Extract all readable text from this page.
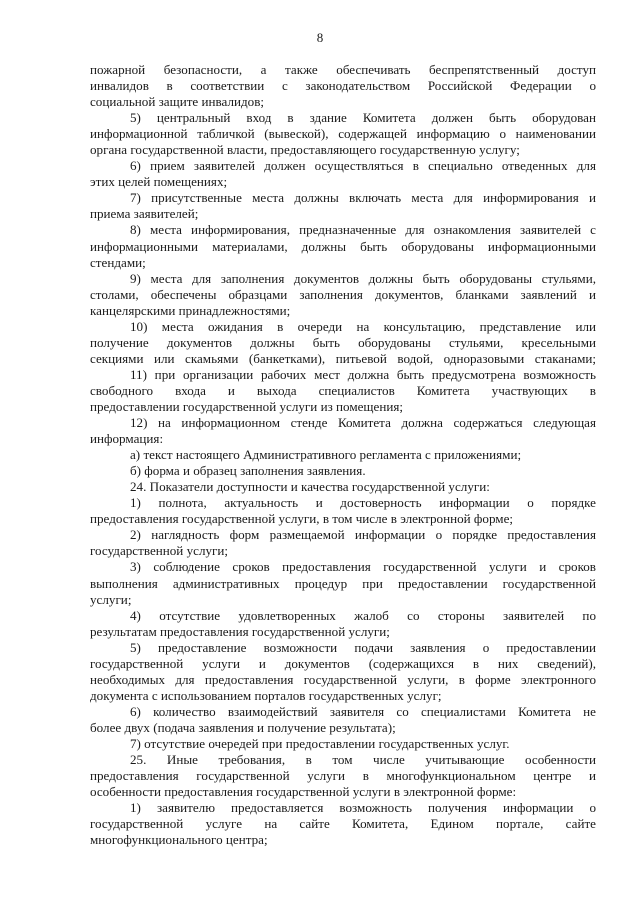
8
пожарной безопасности, а также обеспечивать беспрепятственный доступ
инвалидов в соответствии с законодательством Российской Федерации о
социальной защите инвалидов;
5) центральный вход в здание Комитета должен быть оборудован
информационной табличкой (вывеской), содержащей информацию о наименовании
органа государственной власти, предоставляющего государственную услугу;
6) прием заявителей должен осуществляться в специально отведенных для
этих целей помещениях;
7) присутственные места должны включать места для информирования и
приема заявителей;
8) места информирования, предназначенные для ознакомления заявителей с
информационными материалами, должны быть оборудованы информационными
стендами;
9) места для заполнения документов должны быть оборудованы стульями,
столами, обеспечены образцами заполнения документов, бланками заявлений и
канцелярскими принадлежностями;
10) места ожидания в очереди на консультацию, представление или
получение документов должны быть оборудованы стульями, кресельными
секциями или скамьями (банкетками), питьевой водой, одноразовыми стаканами;
11) при организации рабочих мест должна быть предусмотрена возможность
свободного входа и выхода специалистов Комитета участвующих в
предоставлении государственной услуги из помещения;
12) на информационном стенде Комитета должна содержаться следующая
информация:
а) текст настоящего Административного регламента с приложениями;
б) форма и образец заполнения заявления.
24. Показатели доступности и качества государственной услуги:
1) полнота, актуальность и достоверность информации о порядке
предоставления государственной услуги, в том числе в электронной форме;
2) наглядность форм размещаемой информации о порядке предоставления
государственной услуги;
3) соблюдение сроков предоставления государственной услуги и сроков
выполнения административных процедур при предоставлении государственной
услуги;
4) отсутствие удовлетворенных жалоб со стороны заявителей по
результатам предоставления государственной услуги;
5) предоставление возможности подачи заявления о предоставлении
государственной услуги и документов (содержащихся в них сведений),
необходимых для предоставления государственной услуги, в форме электронного
документа с использованием порталов государственных услуг;
6) количество взаимодействий заявителя со специалистами Комитета не
более двух (подача заявления и получение результата);
7) отсутствие очередей при предоставлении государственных услуг.
25. Иные требования, в том числе учитывающие особенности
предоставления государственной услуги в многофункциональном центре и
особенности предоставления государственной услуги в электронной форме:
1) заявителю предоставляется возможность получения информации о
государственной услуге на сайте Комитета, Едином портале, сайте
многофункционального центра;
